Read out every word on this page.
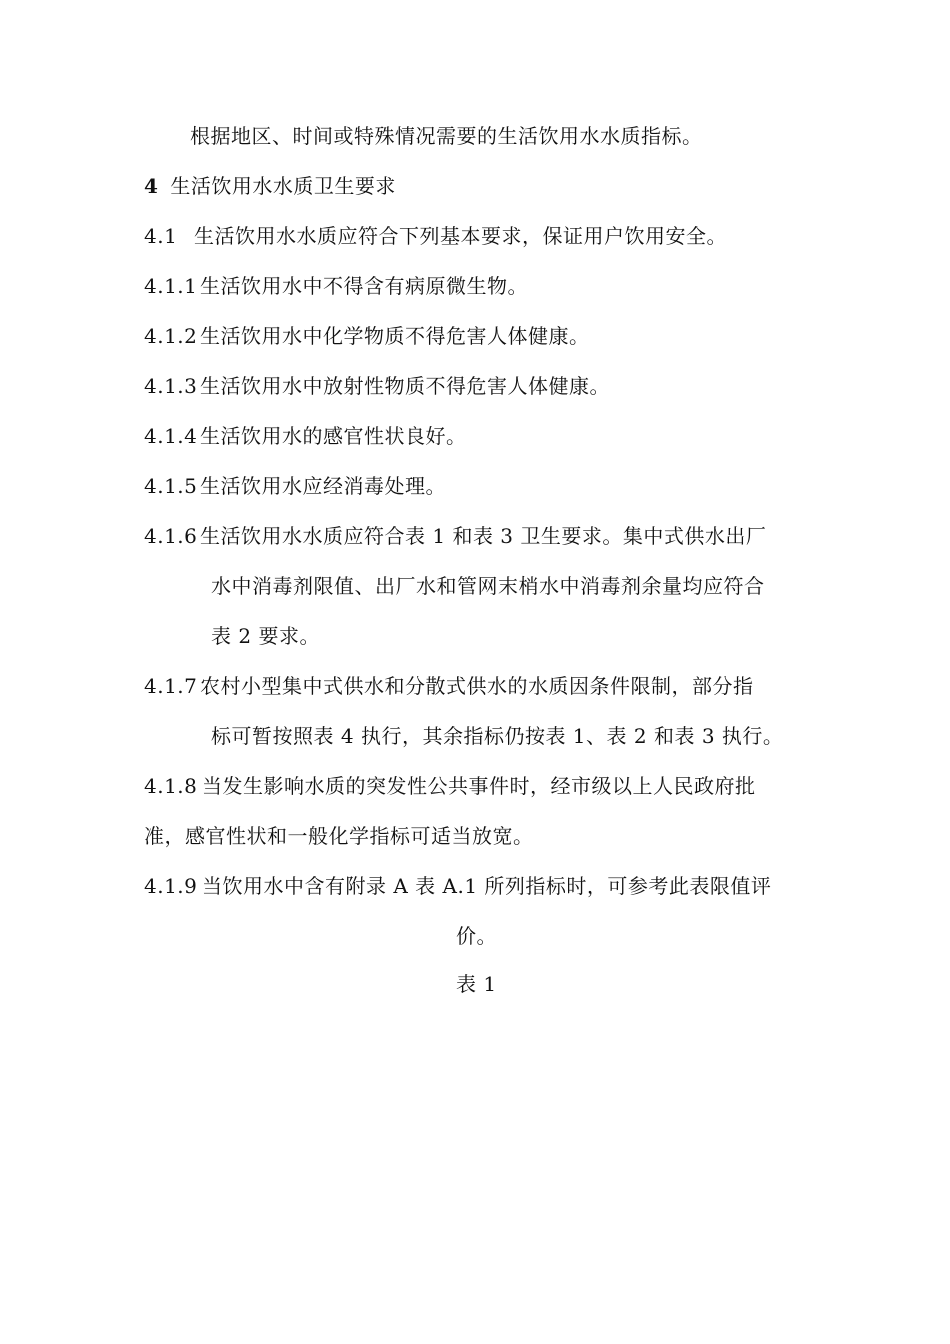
根据地区、时间或特殊情况需要的生活饮用水水质指标。
4 生活饮用水水质卫生要求
4.1 生活饮用水水质应符合下列基本要求，保证用户饮用安全。
4.1.1 生活饮用水中不得含有病原微生物。
4.1.2 生活饮用水中化学物质不得危害人体健康。
4.1.3 生活饮用水中放射性物质不得危害人体健康。
4.1.4 生活饮用水的感官性状良好。
4.1.5 生活饮用水应经消毒处理。
4.1.6 生活饮用水水质应符合表 1 和表 3 卫生要求。集中式供水出厂
水中消毒剂限值、出厂水和管网末梢水中消毒剂余量均应符合
表 2 要求。
4.1.7 农村小型集中式供水和分散式供水的水质因条件限制，部分指
标可暂按照表 4 执行，其余指标仍按表 1、表 2 和表 3 执行。
4.1.8 当发生影响水质的突发性公共事件时，经市级以上人民政府批
准，感官性状和一般化学指标可适当放宽。
4.1.9 当饮用水中含有附录 A 表 A.1 所列指标时，可参考此表限值评
价。
表 1
